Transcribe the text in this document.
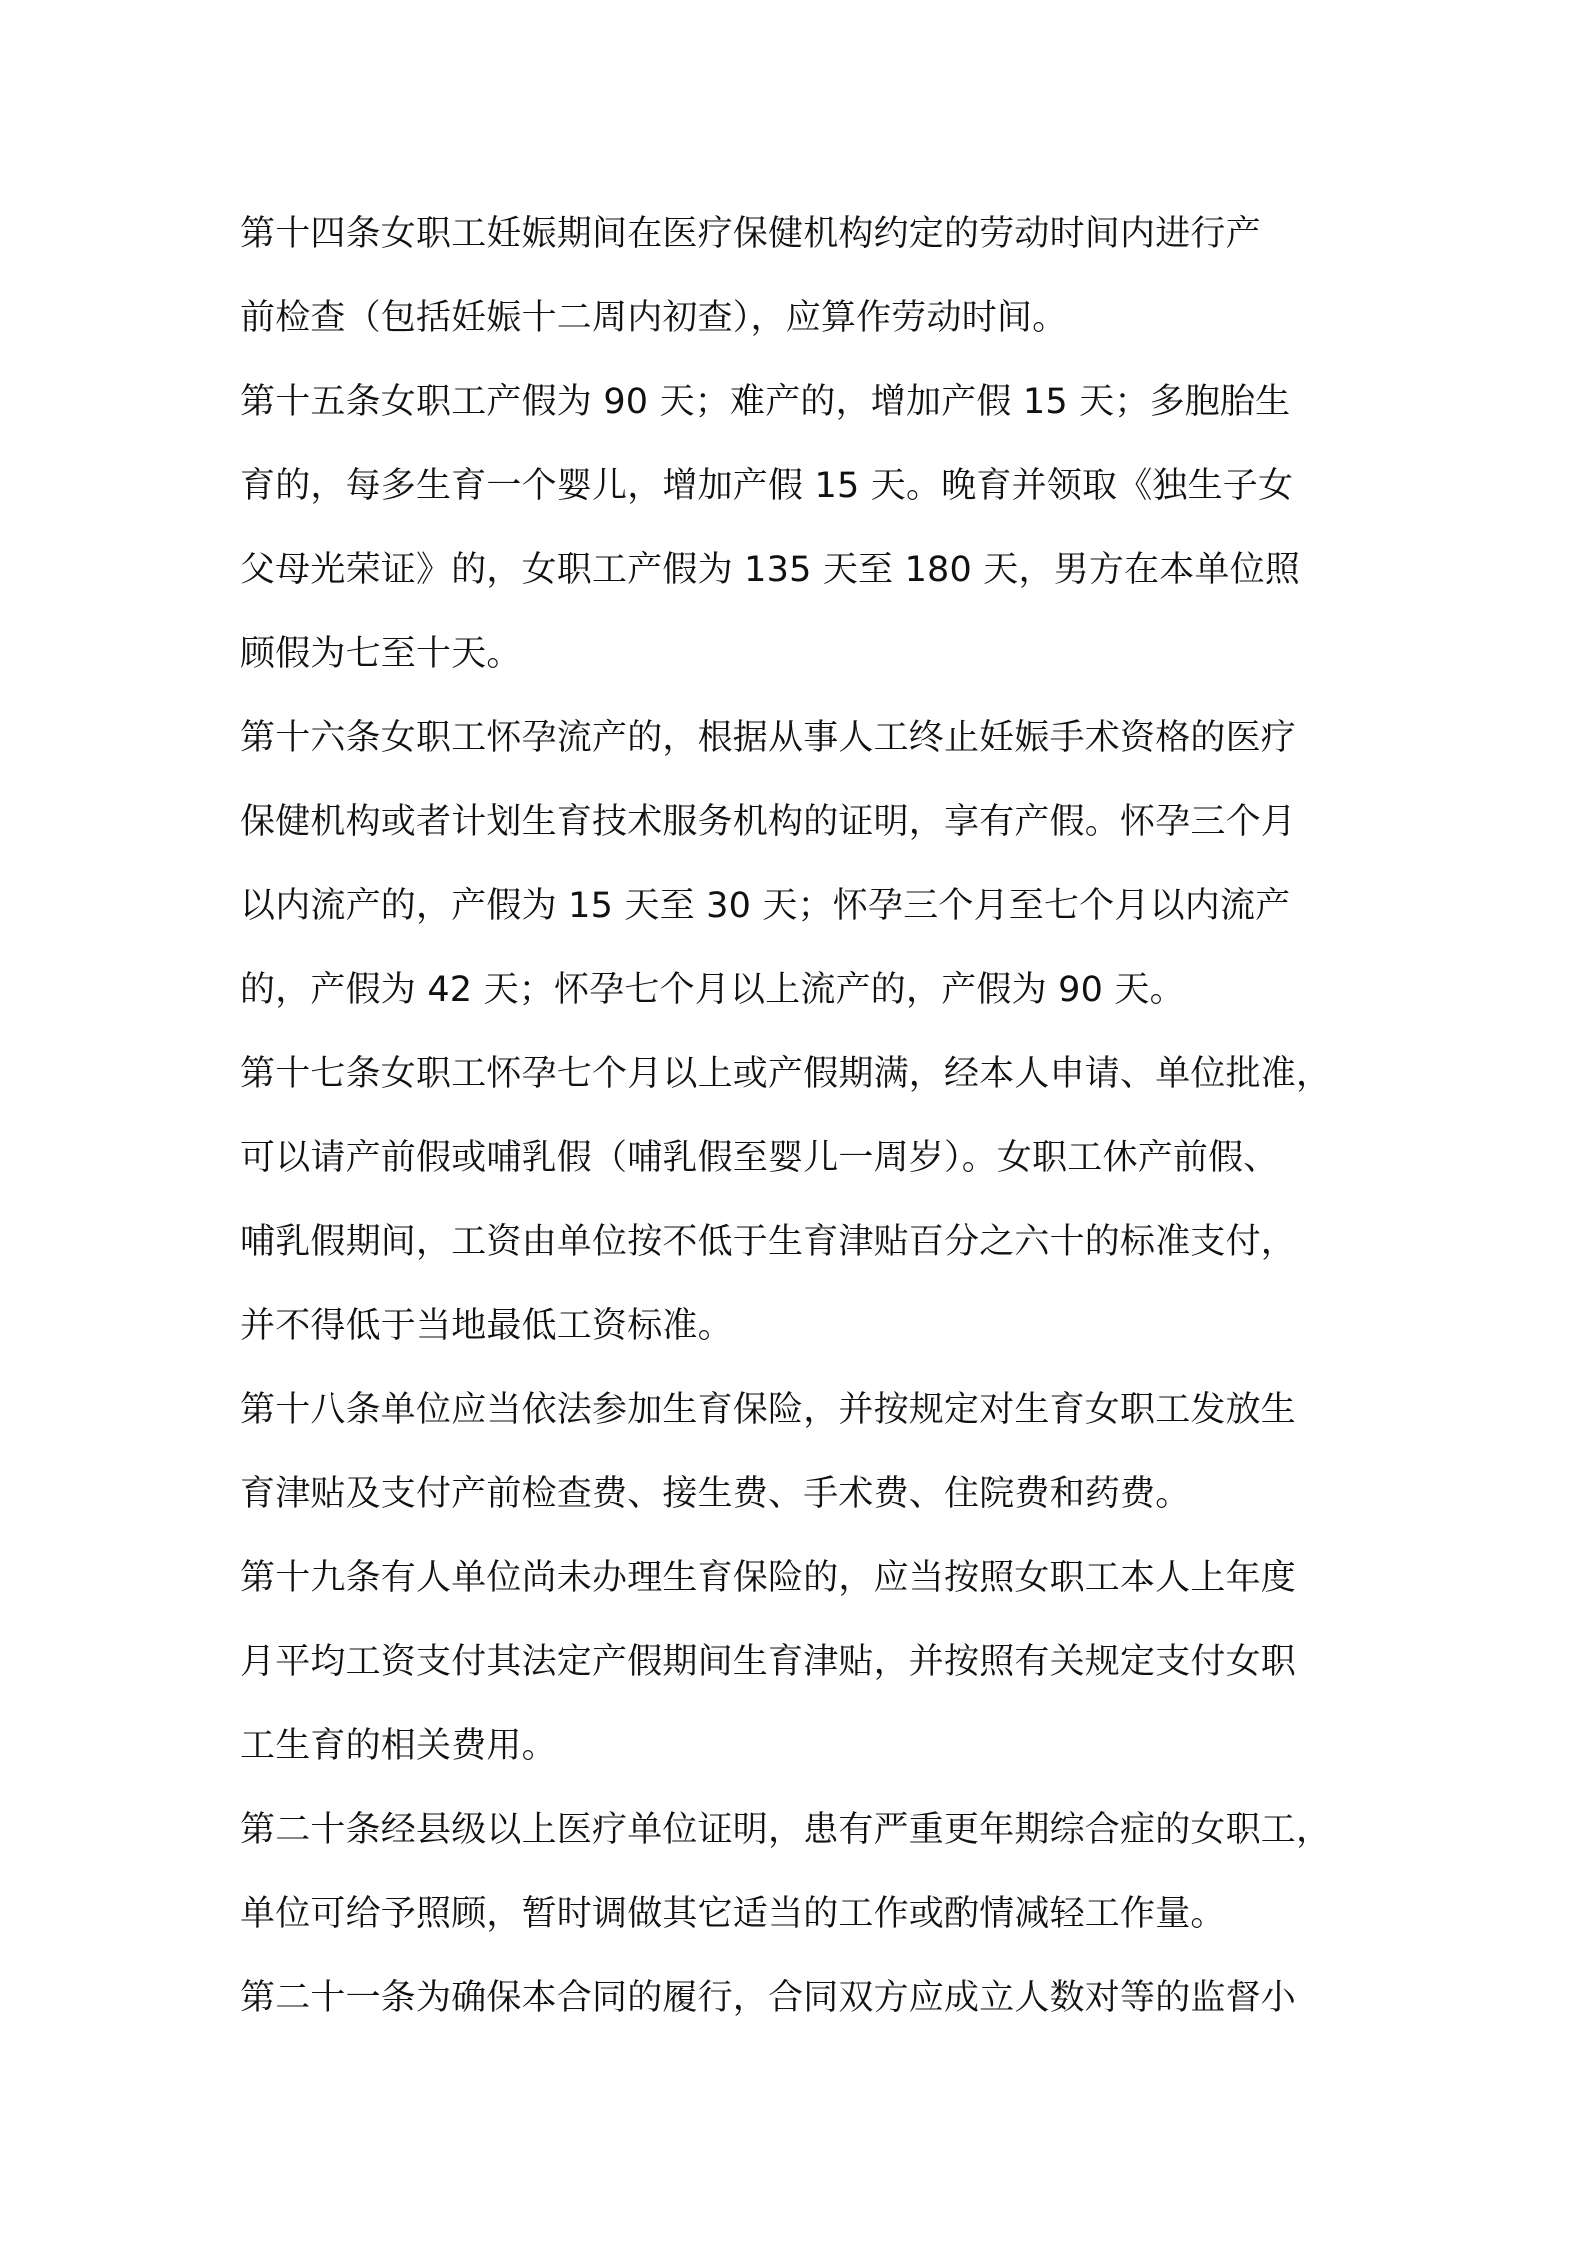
第十四条女职工妊娠期间在医疗保健机构约定的劳动时间内进行产
前检查（包括妊娠十二周内初查），应算作劳动时间。
第十五条女职工产假为 90 天；难产的，增加产假 15 天；多胞胎生
育的，每多生育一个婴儿，增加产假 15 天。晚育并领取《独生子女
父母光荣证》的，女职工产假为 135 天至 180 天，男方在本单位照
顾假为七至十天。
第十六条女职工怀孕流产的，根据从事人工终止妊娠手术资格的医疗
保健机构或者计划生育技术服务机构的证明，享有产假。怀孕三个月
以内流产的，产假为 15 天至 30 天；怀孕三个月至七个月以内流产
的，产假为 42 天；怀孕七个月以上流产的，产假为 90 天。
第十七条女职工怀孕七个月以上或产假期满，经本人申请、单位批准，
可以请产前假或哺乳假（哺乳假至婴儿一周岁）。女职工休产前假、
哺乳假期间，工资由单位按不低于生育津贴百分之六十的标准支付，
并不得低于当地最低工资标准。
第十八条单位应当依法参加生育保险，并按规定对生育女职工发放生
育津贴及支付产前检查费、接生费、手术费、住院费和药费。
第十九条有人单位尚未办理生育保险的，应当按照女职工本人上年度
月平均工资支付其法定产假期间生育津贴，并按照有关规定支付女职
工生育的相关费用。
第二十条经县级以上医疗单位证明，患有严重更年期综合症的女职工，
单位可给予照顾，暂时调做其它适当的工作或酌情减轻工作量。
第二十一条为确保本合同的履行，合同双方应成立人数对等的监督小
